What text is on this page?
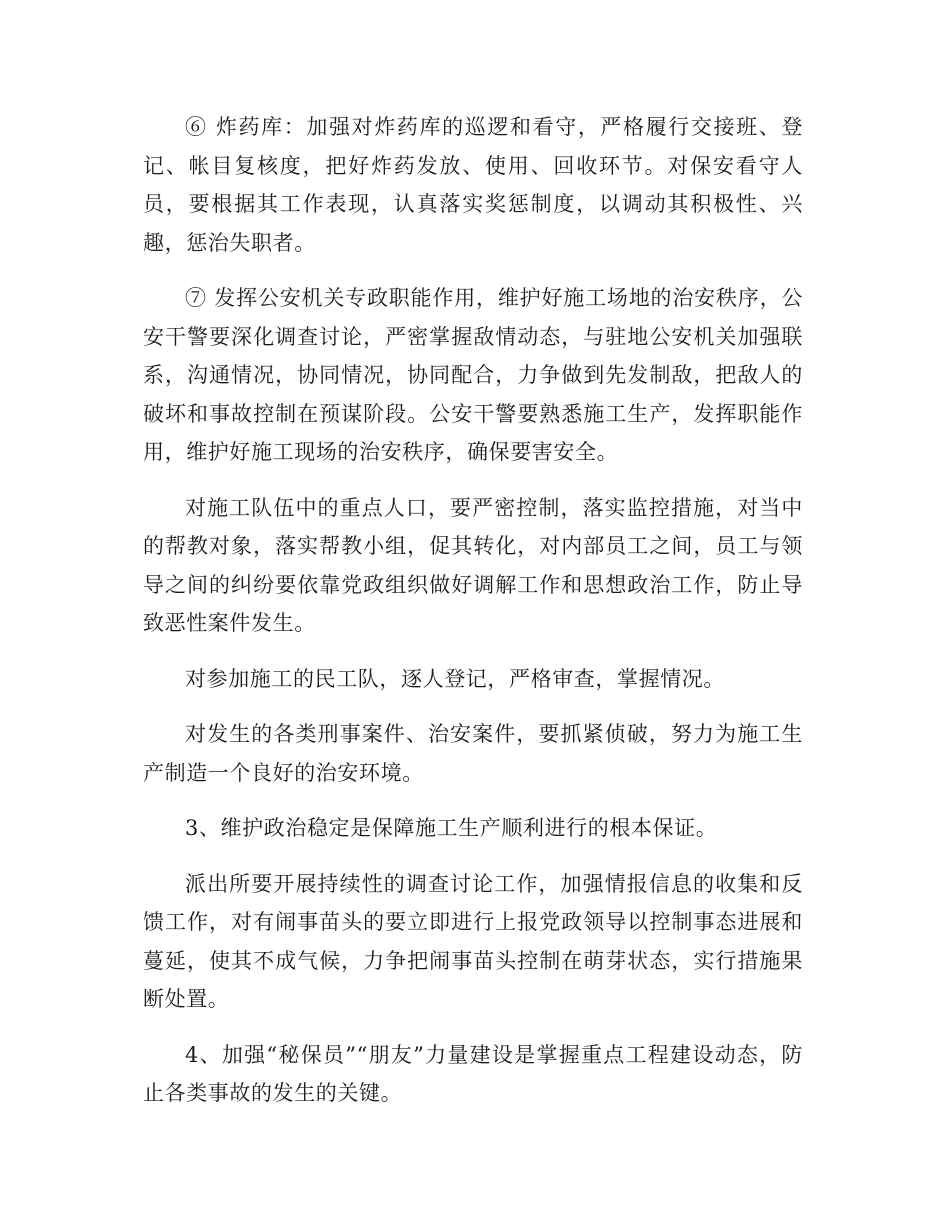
⑥ 炸药库：加强对炸药库的巡逻和看守，严格履行交接班、登记、帐目复核度，把好炸药发放、使用、回收环节。对保安看守人员，要根据其工作表现，认真落实奖惩制度，以调动其积极性、兴趣，惩治失职者。

⑦ 发挥公安机关专政职能作用，维护好施工场地的治安秩序，公安干警要深化调查讨论，严密掌握敌情动态，与驻地公安机关加强联系，沟通情况，协同情况，协同配合，力争做到先发制敌，把敌人的破坏和事故控制在预谋阶段。公安干警要熟悉施工生产，发挥职能作用，维护好施工现场的治安秩序，确保要害安全。

对施工队伍中的重点人口，要严密控制，落实监控措施，对当中的帮教对象，落实帮教小组，促其转化，对内部员工之间，员工与领导之间的纠纷要依靠党政组织做好调解工作和思想政治工作，防止导致恶性案件发生。

对参加施工的民工队，逐人登记，严格审查，掌握情况。

对发生的各类刑事案件、治安案件，要抓紧侦破，努力为施工生产制造一个良好的治安环境。

3、维护政治稳定是保障施工生产顺利进行的根本保证。

派出所要开展持续性的调查讨论工作，加强情报信息的收集和反馈工作，对有闹事苗头的要立即进行上报党政领导以控制事态进展和蔓延，使其不成气候，力争把闹事苗头控制在萌芽状态，实行措施果断处置。

4、加强“秘保员”“朋友”力量建设是掌握重点工程建设动态，防止各类事故的发生的关键。
